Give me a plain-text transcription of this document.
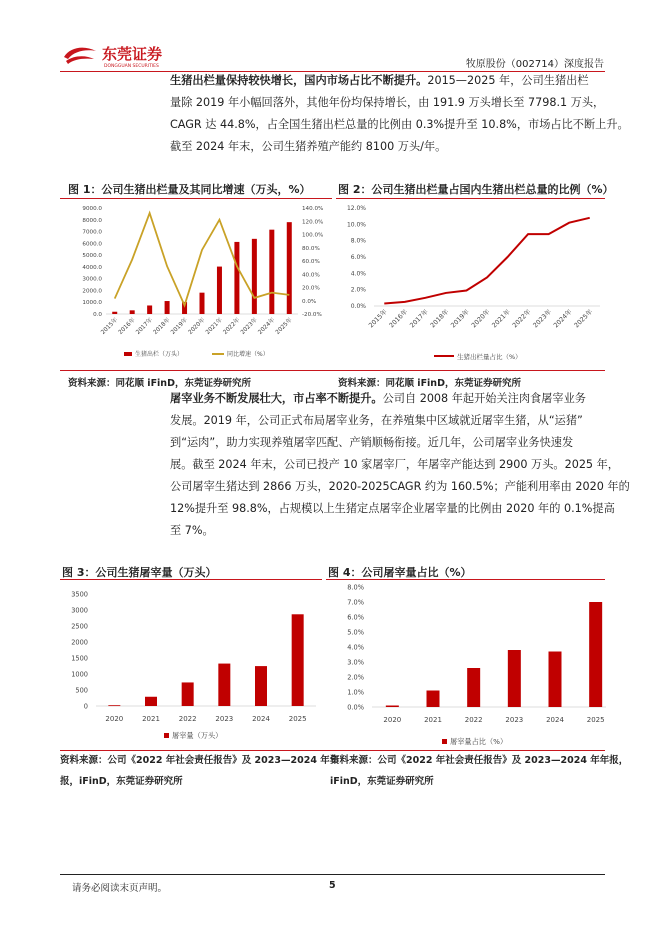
东莞证券
DONGGUAN SECURITIES	牧原股份（002714）深度报告
生猪出栏量保持较快增长，国内市场占比不断提升。2015—2025 年，公司生猪出栏
量除 2019 年小幅回落外，其他年份均保持增长，由 191.9 万头增长至 7798.1 万头，
CAGR 达 44.8%，占全国生猪出栏总量的比例由 0.3%提升至 10.8%，市场占比不断上升。
截至 2024 年末，公司生猪养殖产能约 8100 万头/年。
图 1：公司生猪出栏量及其同比增速（万头，%） 图 2：公司生猪出栏量占国内生猪出栏总量的比例（%）
0.0
1000.0
2000.0
3000.0
4000.0
5000.0
6000.0
7000.0
8000.0
9000.0
-20.0%
0.0%
20.0%
40.0%
60.0%
80.0%
100.0%
120.0%
140.0%
2015年
2016年
2017年
2018年
2019年
2020年
2021年
2022年
2023年
2024年
2025年
生猪出栏（万头）	同比增速（%）
0.0%
2.0%
4.0%
6.0%
8.0%
10.0%
12.0%
2015年
2016年
2017年
2018年
2019年
2020年
2021年
2022年
2023年
2024年
2025年
生猪出栏量占比（%）
资料来源：同花顺 iFinD，东莞证券研究所	资料来源：同花顺 iFinD，东莞证券研究所
屠宰业务不断发展壮大，市占率不断提升。公司自 2008 年起开始关注肉食屠宰业务
发展。2019 年，公司正式布局屠宰业务，在养殖集中区域就近屠宰生猪，从“运猪”
到“运肉”，助力实现养殖屠宰匹配、产销顺畅衔接。近几年，公司屠宰业务快速发
展。截至 2024 年末，公司已投产 10 家屠宰厂，年屠宰产能达到 2900 万头。2025 年，
公司屠宰生猪达到 2866 万头，2020-2025CAGR 约为 160.5%；产能利用率由 2020 年的
12%提升至 98.8%，占规模以上生猪定点屠宰企业屠宰量的比例由 2020 年的 0.1%提高
至 7%。
图 3：公司生猪屠宰量（万头）	图 4：公司屠宰量占比（%）
0
500
1000
1500
2000
2500
3000
3500
2020	2021	2022	2023	2024	2025
屠宰量（万头）
0.0%
1.0%
2.0%
3.0%
4.0%
5.0%
6.0%
7.0%
8.0%
2020	2021	2022	2023	2024	2025
屠宰量占比（%）
资料来源：公司《2022 年社会责任报告》及 2023—2024 年年
报，iFinD，东莞证券研究所
资料来源：公司《2022 年社会责任报告》及 2023—2024 年年报，
iFinD，东莞证券研究所
请务必阅读末页声明。	5
